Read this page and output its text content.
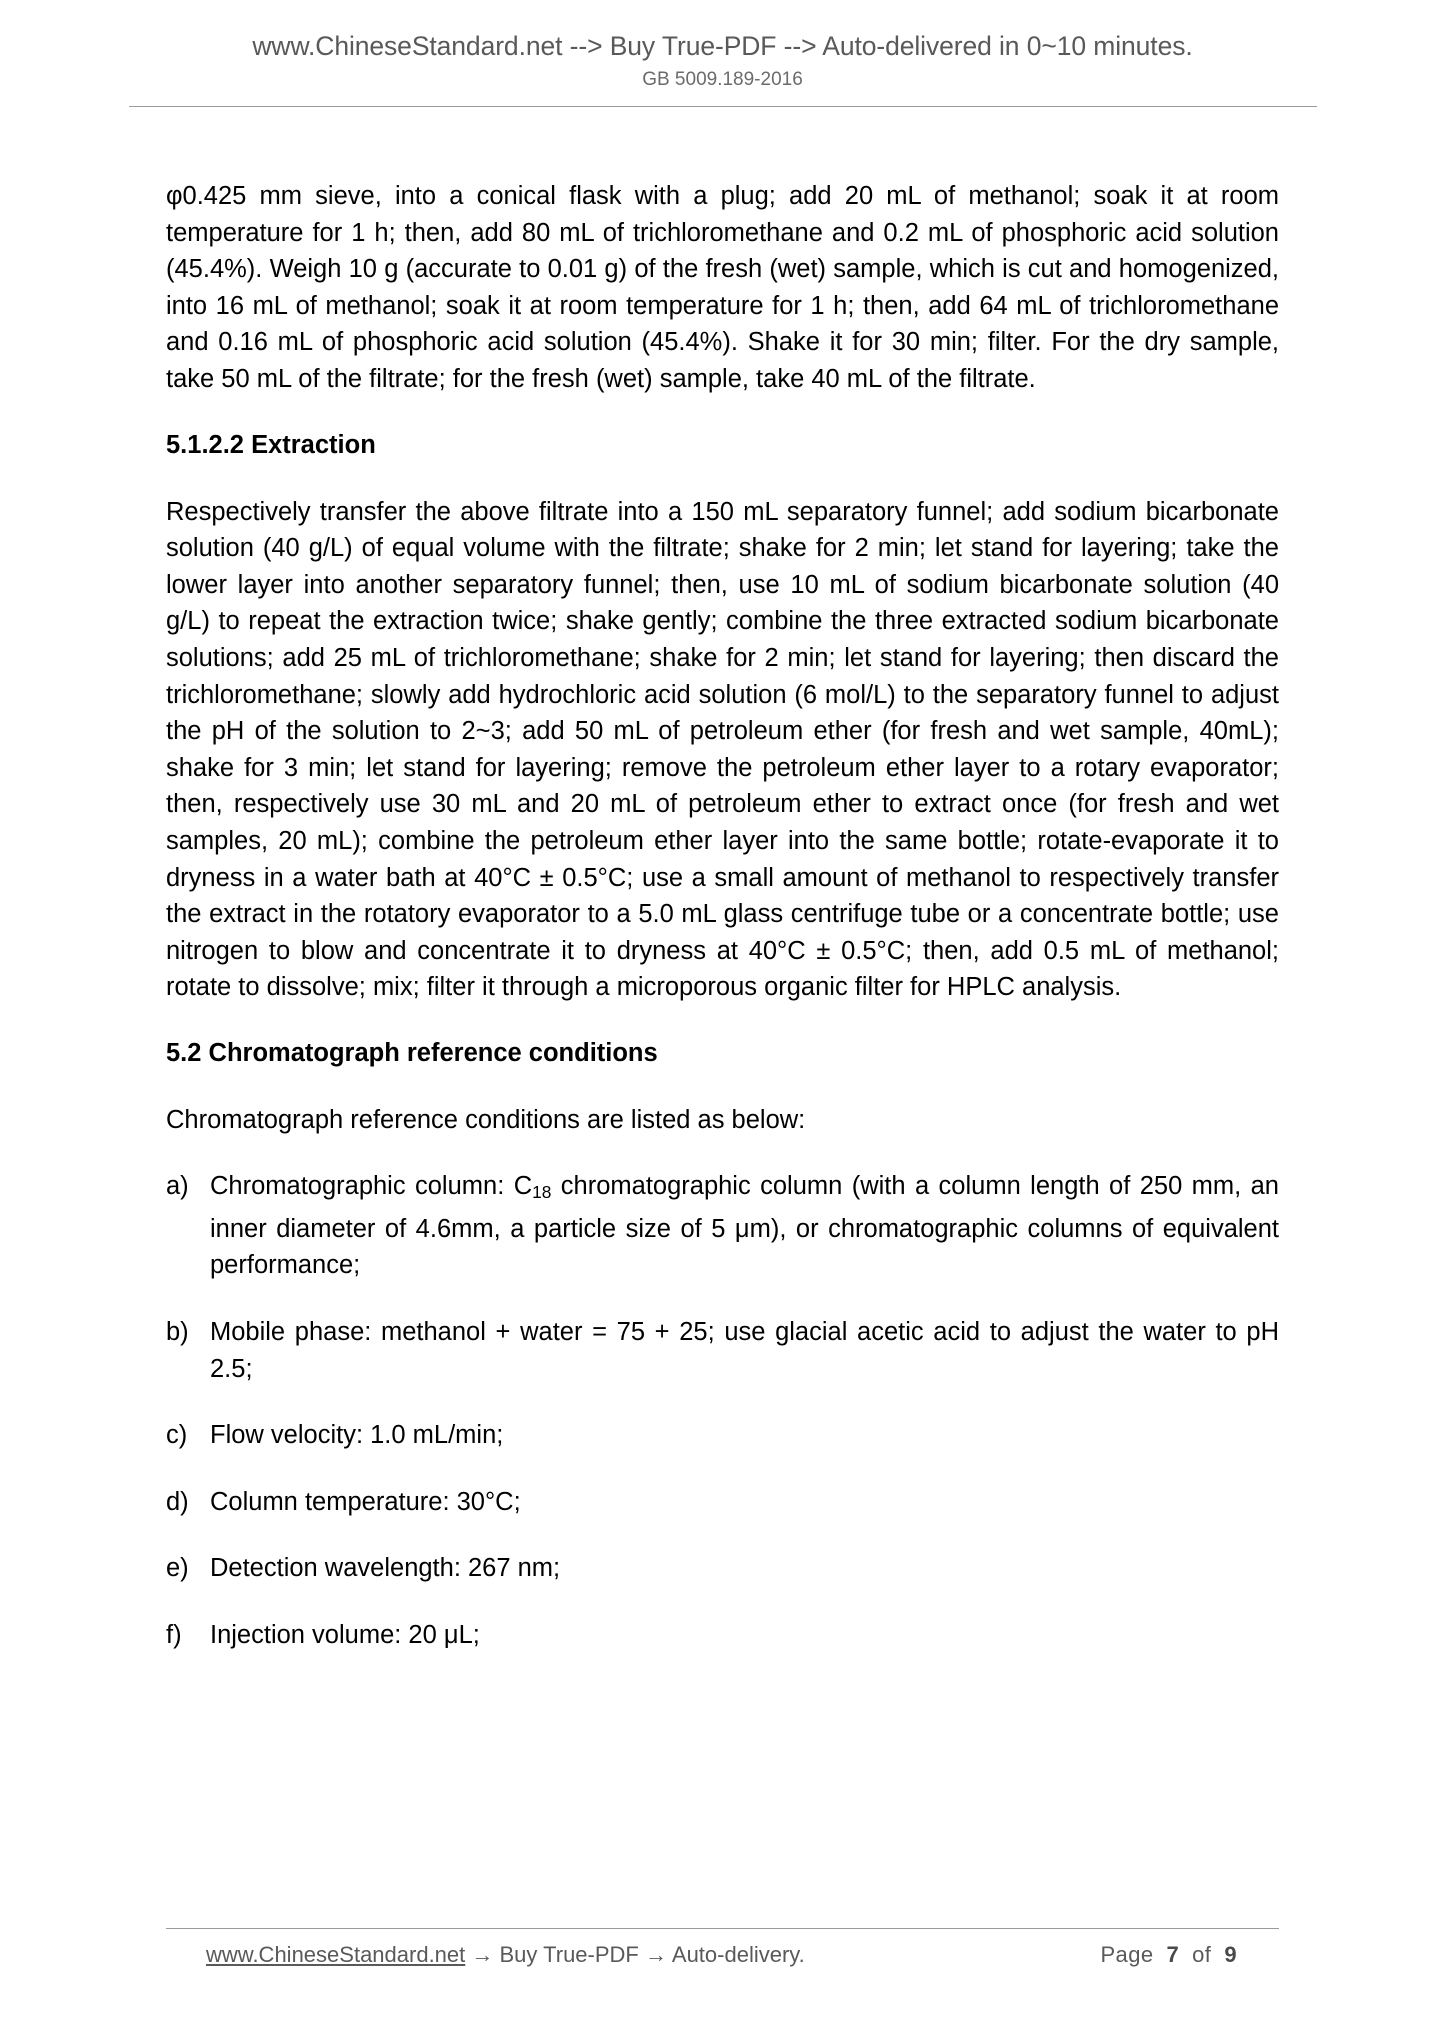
www.ChineseStandard.net --> Buy True-PDF --> Auto-delivered in 0~10 minutes.
GB 5009.189-2016

φ0.425 mm sieve, into a conical flask with a plug; add 20 mL of methanol; soak it at room temperature for 1 h; then, add 80 mL of trichloromethane and 0.2 mL of phosphoric acid solution (45.4%). Weigh 10 g (accurate to 0.01 g) of the fresh (wet) sample, which is cut and homogenized, into 16 mL of methanol; soak it at room temperature for 1 h; then, add 64 mL of trichloromethane and 0.16 mL of phosphoric acid solution (45.4%). Shake it for 30 min; filter. For the dry sample, take 50 mL of the filtrate; for the fresh (wet) sample, take 40 mL of the filtrate.

5.1.2.2 Extraction

Respectively transfer the above filtrate into a 150 mL separatory funnel; add sodium bicarbonate solution (40 g/L) of equal volume with the filtrate; shake for 2 min; let stand for layering; take the lower layer into another separatory funnel; then, use 10 mL of sodium bicarbonate solution (40 g/L) to repeat the extraction twice; shake gently; combine the three extracted sodium bicarbonate solutions; add 25 mL of trichloromethane; shake for 2 min; let stand for layering; then discard the trichloromethane; slowly add hydrochloric acid solution (6 mol/L) to the separatory funnel to adjust the pH of the solution to 2~3; add 50 mL of petroleum ether (for fresh and wet sample, 40mL); shake for 3 min; let stand for layering; remove the petroleum ether layer to a rotary evaporator; then, respectively use 30 mL and 20 mL of petroleum ether to extract once (for fresh and wet samples, 20 mL); combine the petroleum ether layer into the same bottle; rotate-evaporate it to dryness in a water bath at 40°C ± 0.5°C; use a small amount of methanol to respectively transfer the extract in the rotatory evaporator to a 5.0 mL glass centrifuge tube or a concentrate bottle; use nitrogen to blow and concentrate it to dryness at 40°C ± 0.5°C; then, add 0.5 mL of methanol; rotate to dissolve; mix; filter it through a microporous organic filter for HPLC analysis.

5.2 Chromatograph reference conditions
Chromatograph reference conditions are listed as below:
a) Chromatographic column: $C_{18}$ chromatographic column (with a column length of 250 mm, an inner diameter of 4.6mm, a particle size of 5 μm), or chromatographic columns of equivalent performance;
b) Mobile phase: methanol + water = 75 + 25; use glacial acetic acid to adjust the water to pH 2.5;
c) Flow velocity: 1.0 mL/min;
d) Column temperature: 30°C;
e) Detection wavelength: 267 nm;
f)	Injection volume: 20 μL;
www.ChineseStandard.net → Buy True-PDF → Auto-delivery.	Page 7 of 9
